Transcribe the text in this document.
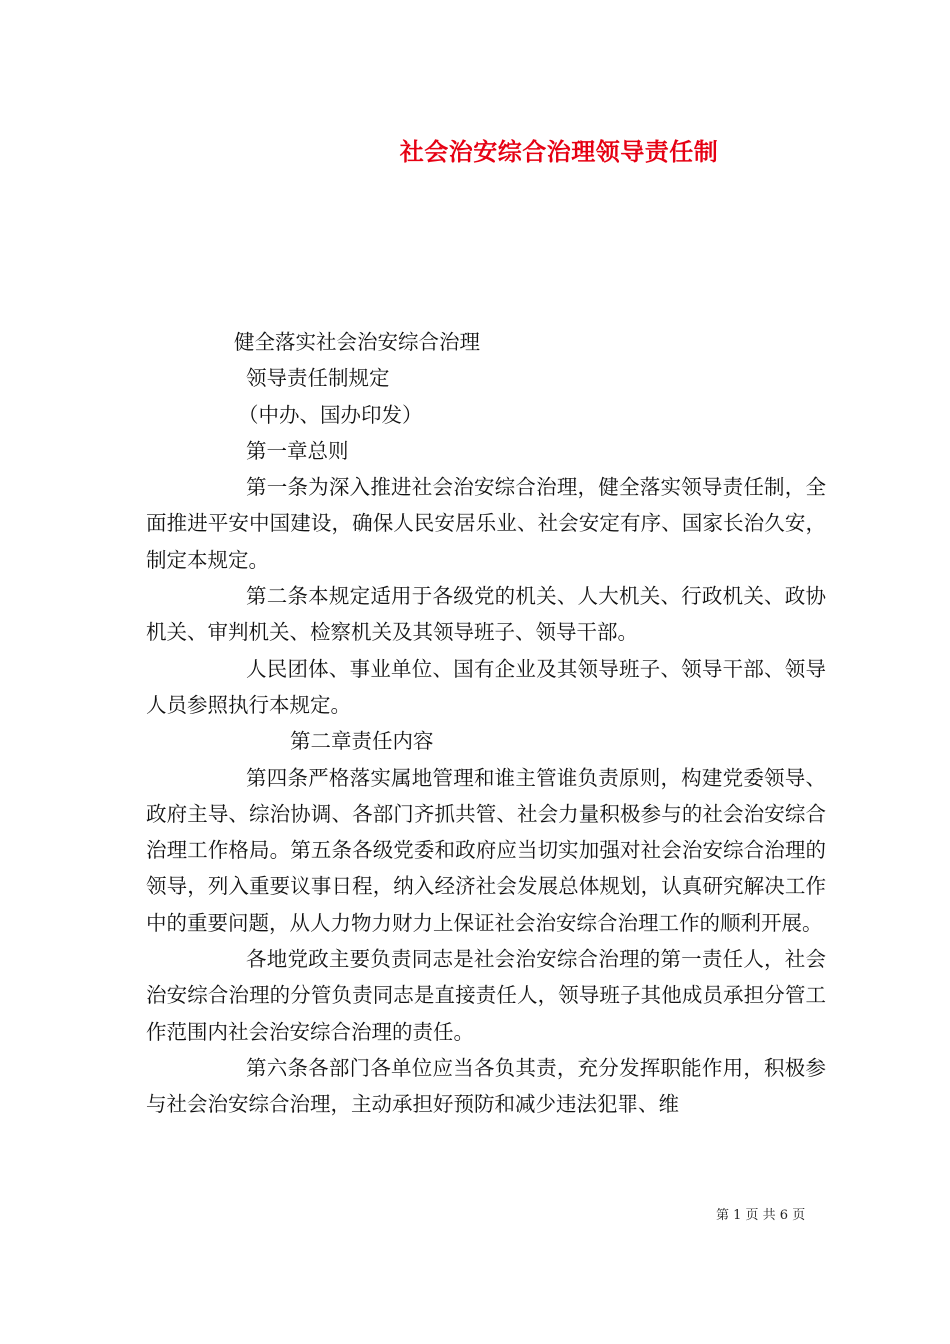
社会治安综合治理领导责任制

健全落实社会治安综合治理

领导责任制规定

（中办、国办印发）

第一章总则

第一条为深入推进社会治安综合治理，健全落实领导责任制，全面推进平安中国建设，确保人民安居乐业、社会安定有序、国家长治久安，制定本规定。

第二条本规定适用于各级党的机关、人大机关、行政机关、政协机关、审判机关、检察机关及其领导班子、领导干部。

人民团体、事业单位、国有企业及其领导班子、领导干部、领导人员参照执行本规定。

第二章责任内容

第四条严格落实属地管理和谁主管谁负责原则，构建党委领导、政府主导、综治协调、各部门齐抓共管、社会力量积极参与的社会治安综合治理工作格局。第五条各级党委和政府应当切实加强对社会治安综合治理的领导，列入重要议事日程，纳入经济社会发展总体规划，认真研究解决工作中的重要问题，从人力物力财力上保证社会治安综合治理工作的顺利开展。

各地党政主要负责同志是社会治安综合治理的第一责任人，社会治安综合治理的分管负责同志是直接责任人，领导班子其他成员承担分管工作范围内社会治安综合治理的责任。

第六条各部门各单位应当各负其责，充分发挥职能作用，积极参与社会治安综合治理，主动承担好预防和减少违法犯罪、维

第 1 页 共 6 页
